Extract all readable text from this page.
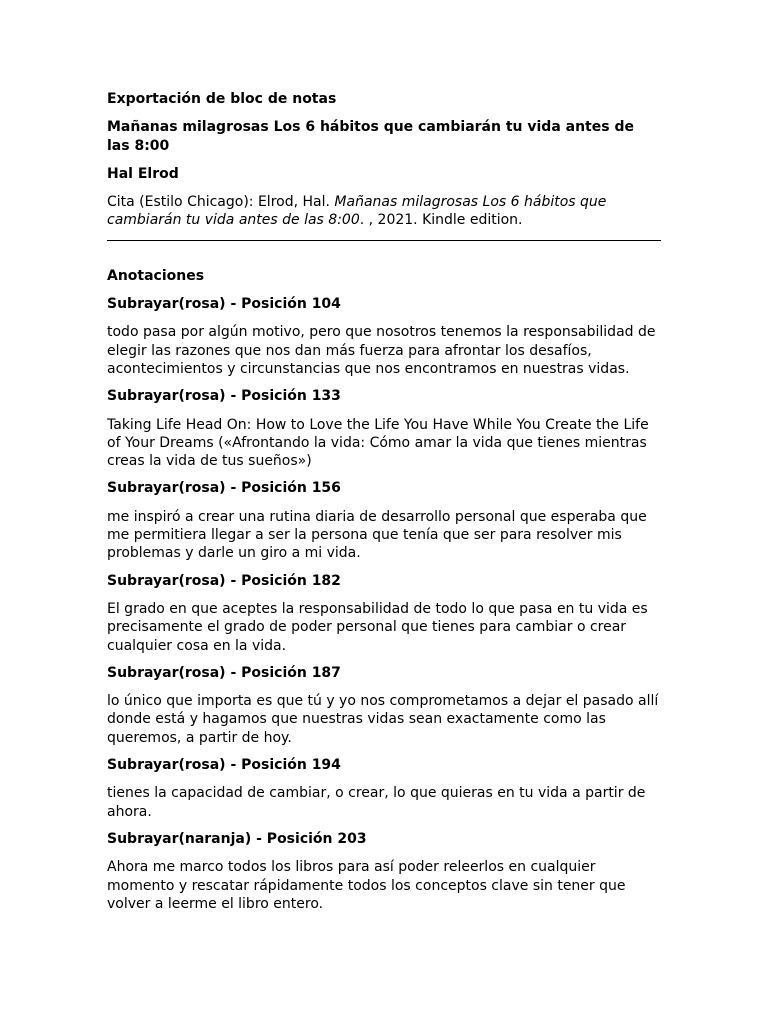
Exportación de bloc de notas
Mañanas milagrosas Los 6 hábitos que cambiarán tu vida antes de las 8:00
Hal Elrod
Cita (Estilo Chicago): Elrod, Hal. Mañanas milagrosas Los 6 hábitos que cambiarán tu vida antes de las 8:00. , 2021. Kindle edition.
Anotaciones
Subrayar(rosa) - Posición 104
todo pasa por algún motivo, pero que nosotros tenemos la responsabilidad de elegir las razones que nos dan más fuerza para afrontar los desafíos, acontecimientos y circunstancias que nos encontramos en nuestras vidas.
Subrayar(rosa) - Posición 133
Taking Life Head On: How to Love the Life You Have While You Create the Life of Your Dreams («Afrontando la vida: Cómo amar la vida que tienes mientras creas la vida de tus sueños»)
Subrayar(rosa) - Posición 156
me inspiró a crear una rutina diaria de desarrollo personal que esperaba que me permitiera llegar a ser la persona que tenía que ser para resolver mis problemas y darle un giro a mi vida.
Subrayar(rosa) - Posición 182
El grado en que aceptes la responsabilidad de todo lo que pasa en tu vida es precisamente el grado de poder personal que tienes para cambiar o crear cualquier cosa en la vida.
Subrayar(rosa) - Posición 187
lo único que importa es que tú y yo nos comprometamos a dejar el pasado allí donde está y hagamos que nuestras vidas sean exactamente como las queremos, a partir de hoy.
Subrayar(rosa) - Posición 194
tienes la capacidad de cambiar, o crear, lo que quieras en tu vida a partir de ahora.
Subrayar(naranja) - Posición 203
Ahora me marco todos los libros para así poder releerlos en cualquier momento y rescatar rápidamente todos los conceptos clave sin tener que volver a leerme el libro entero.
